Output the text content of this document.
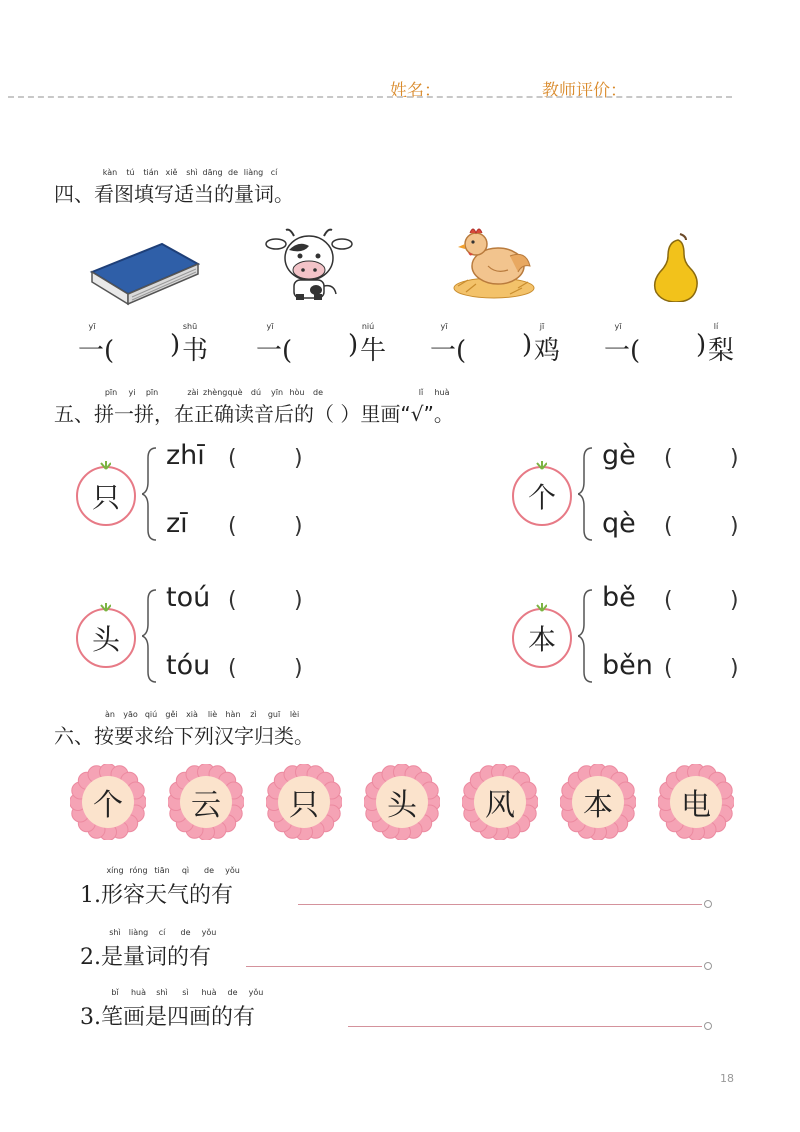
姓名：	教师评价：
kàn	tú	tián xiě	shì dāng de liàng cí
四、看图填写适当的量词。
yī
一( )
shū
书
yī
一( )
niú
牛
yī
一( )
jī
鸡
yī
一( )
lí
梨
pīn	yi	pīn	zài zhèng què	dú	yīn hòu	de	lǐ	huà
五、拼一拼，在正确读音后的（ ）里画“√”。
只
zhī (	)
zī (	)
个
gè (	)
qè (	)
头
toú (	)
tóu (	)
本
bě (	)
běn (	)
àn	yāo qiú	gěi	xià	liè	hàn	zì	guī	lèi
六、按要求给下列汉字归类。
个 云 只 头 风 本 电
xíng róng tiān	qì	de	yǒu
1.形容天气的有
shì	liàng	cí	de	yǒu
2.是量词的有
bǐ	huà	shì	sì	huà	de	yǒu
3.笔画是四画的有
18
